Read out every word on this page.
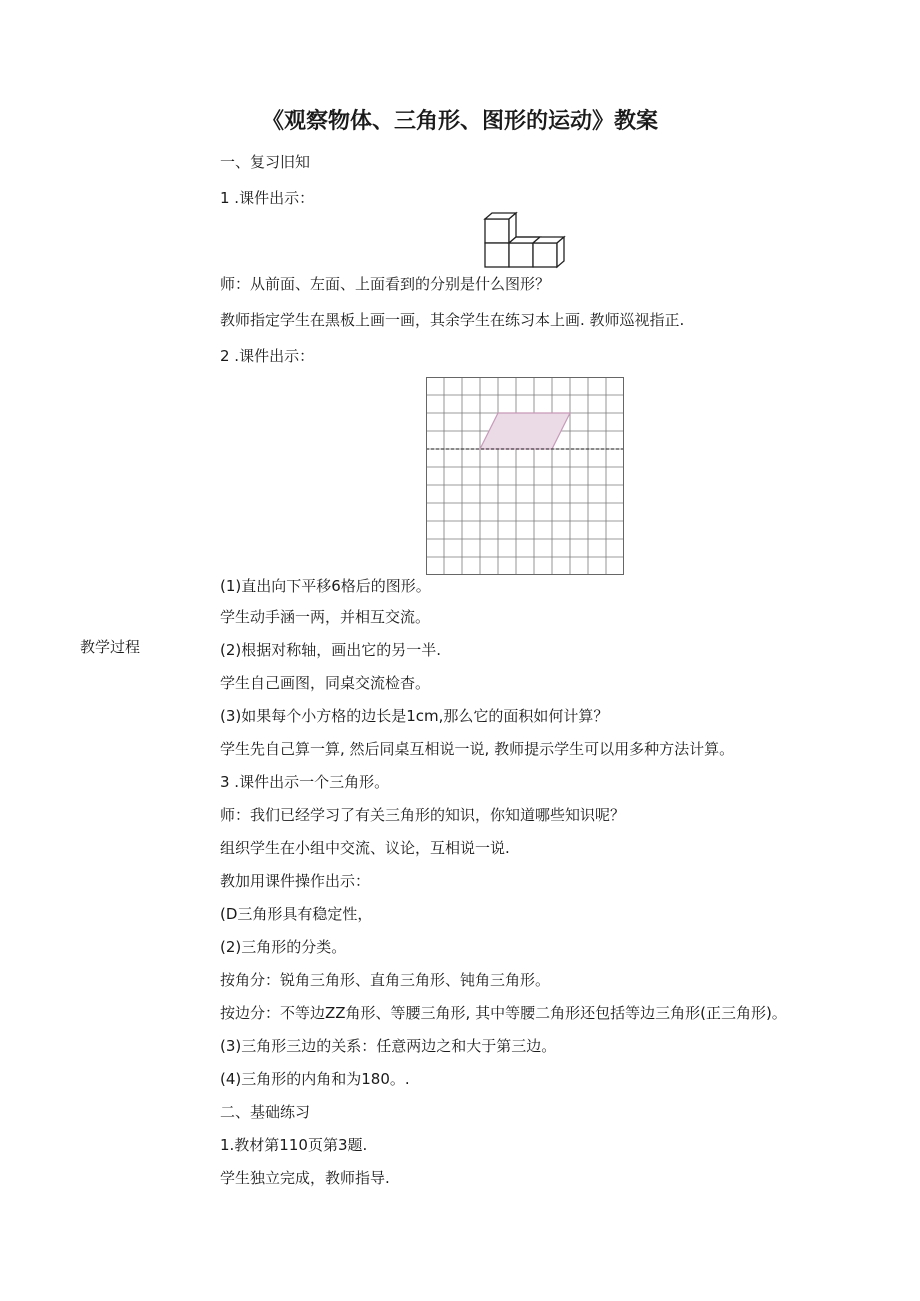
《观察物体、三角形、图形的运动》教案
教学过程
一、复习旧知
1 .课件出示：
师：从前面、左面、上面看到的分别是什么图形？
教师指定学生在黑板上画一画，其余学生在练习本上画. 教师巡视指正.
2 .课件出示：
(1)直出向下平移6格后的图形。
学生动手涵一两，并相互交流。
(2)根据对称轴，画出它的另一半.
学生自己画图，同桌交流检杳。
(3)如果每个小方格的边长是1cm,那么它的面积如何计算？
学生先自己算一算, 然后同桌互相说一说, 教师提示学生可以用多种方法计算。
3 .课件出示一个三角形。
师：我们已经学习了有关三角形的知识，你知道哪些知识呢？
组织学生在小组中交流、议论，互相说一说.
教加用课件操作出示：
(D三角形具有稳定性，
(2)三角形的分类。
按角分：锐角三角形、直角三角形、钝角三角形。
按边分：不等边ZZ角形、等腰三角形, 其中等腰二角形还包括等边三角形(正三角形)。
(3)三角形三边的关系：任意两边之和大于第三边。
(4)三角形的内角和为180。.
二、基础练习
1.教材第110页第3题.
学生独立完成，教师指导.
